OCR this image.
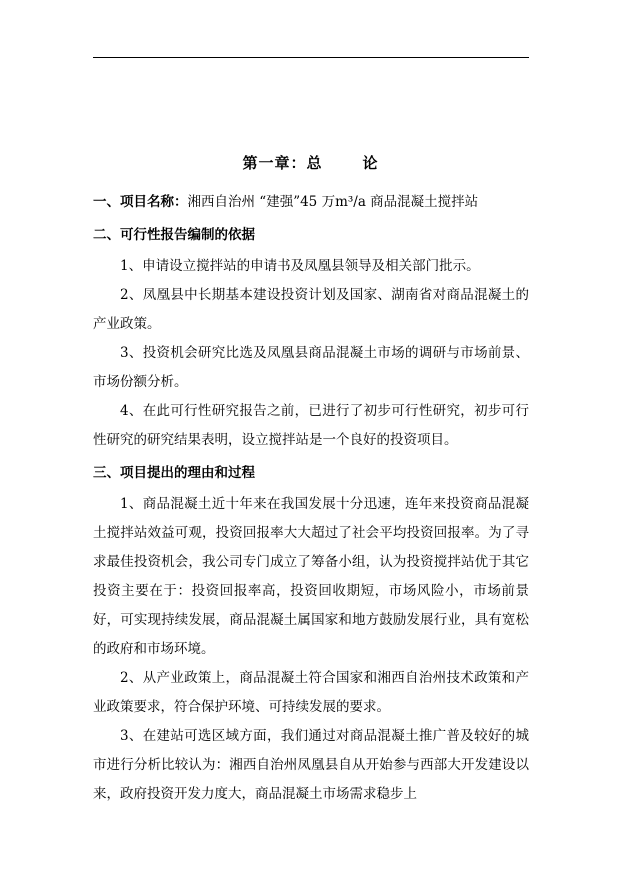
第一章：总	论
一、项目名称：湘西自治州 “建强”45 万m³/a 商品混凝土搅拌站
二、可行性报告编制的依据

1、申请设立搅拌站的申请书及凤凰县领导及相关部门批示。

2、凤凰县中长期基本建设投资计划及国家、湖南省对商品混凝土的产业政策。

3、投资机会研究比选及凤凰县商品混凝土市场的调研与市场前景、市场份额分析。

4、在此可行性研究报告之前，已进行了初步可行性研究，初步可行性研究的研究结果表明，设立搅拌站是一个良好的投资项目。

三、项目提出的理由和过程

1、商品混凝土近十年来在我国发展十分迅速，连年来投资商品混凝土搅拌站效益可观，投资回报率大大超过了社会平均投资回报率。为了寻求最佳投资机会，我公司专门成立了筹备小组，认为投资搅拌站优于其它投资主要在于：投资回报率高，投资回收期短，市场风险小，市场前景好，可实现持续发展，商品混凝土属国家和地方鼓励发展行业，具有宽松的政府和市场环境。

2、从产业政策上，商品混凝土符合国家和湘西自治州技术政策和产业政策要求，符合保护环境、可持续发展的要求。

3、在建站可选区域方面，我们通过对商品混凝土推广普及较好的城市进行分析比较认为：湘西自治州凤凰县自从开始参与西部大开发建设以来，政府投资开发力度大，商品混凝土市场需求稳步上
